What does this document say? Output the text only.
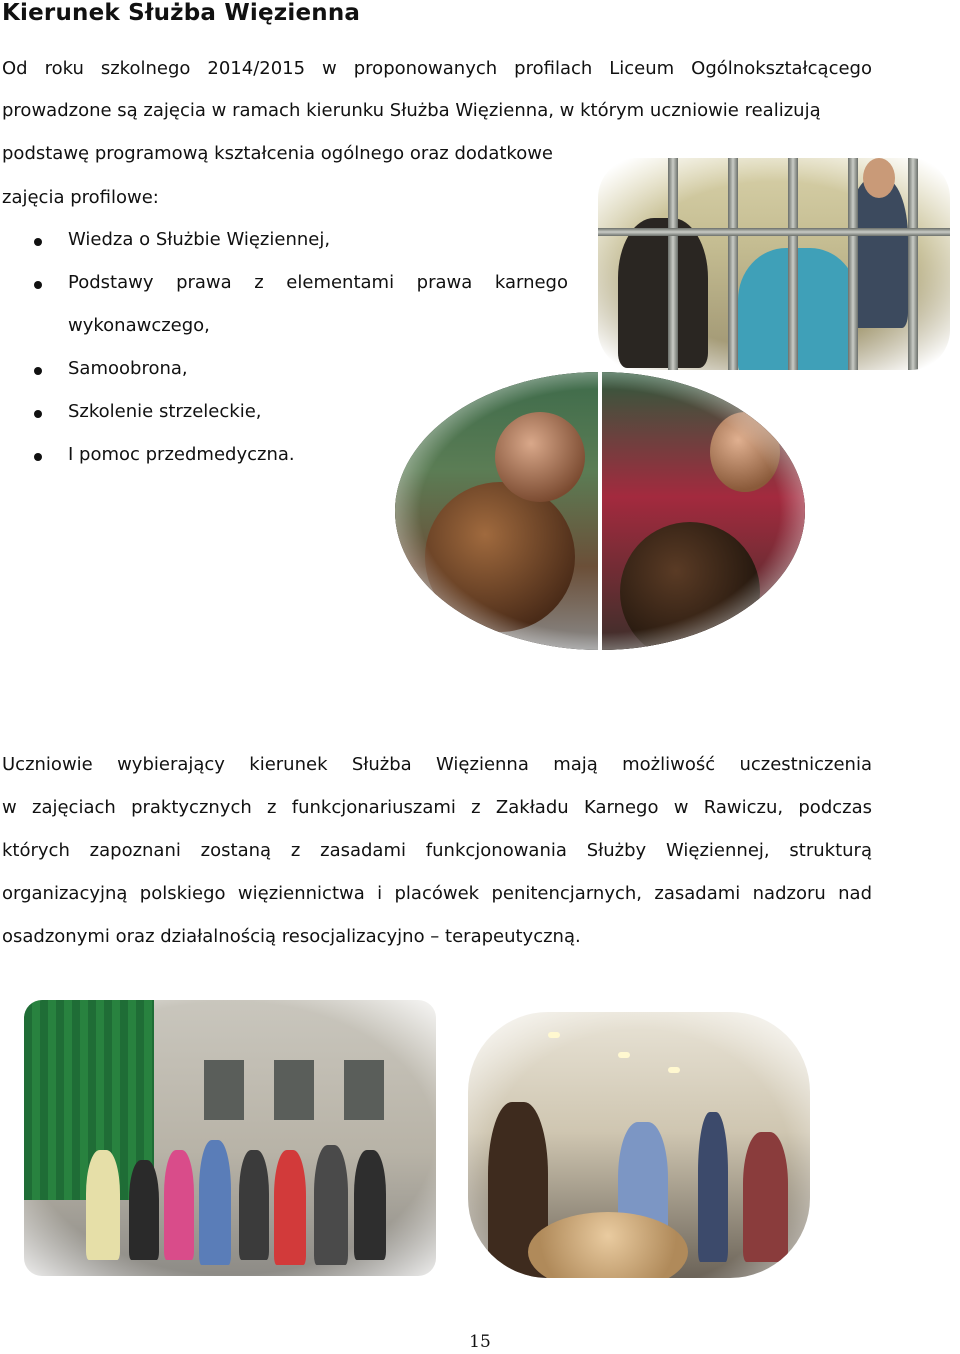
Kierunek Służba Więzienna
Od roku szkolnego 2014/2015 w proponowanych profilach Liceum Ogólnokształcącego
prowadzone są zajęcia w ramach kierunku Służba Więzienna, w którym uczniowie realizują
podstawę programową kształcenia ogólnego oraz dodatkowe
zajęcia profilowe:
Wiedza o Służbie Więziennej,
Podstawy prawa z elementami prawa karnego
wykonawczego,
Samoobrona,
Szkolenie strzeleckie,
I pomoc przedmedyczna.
Uczniowie wybierający kierunek Służba Więzienna mają możliwość uczestniczenia
w zajęciach praktycznych z funkcjonariuszami z Zakładu Karnego w Rawiczu, podczas
których zapoznani zostaną z zasadami funkcjonowania Służby Więziennej, strukturą
organizacyjną polskiego więziennictwa i placówek penitencjarnych, zasadami nadzoru nad
osadzonymi oraz działalnością resocjalizacyjno – terapeutyczną.
15
